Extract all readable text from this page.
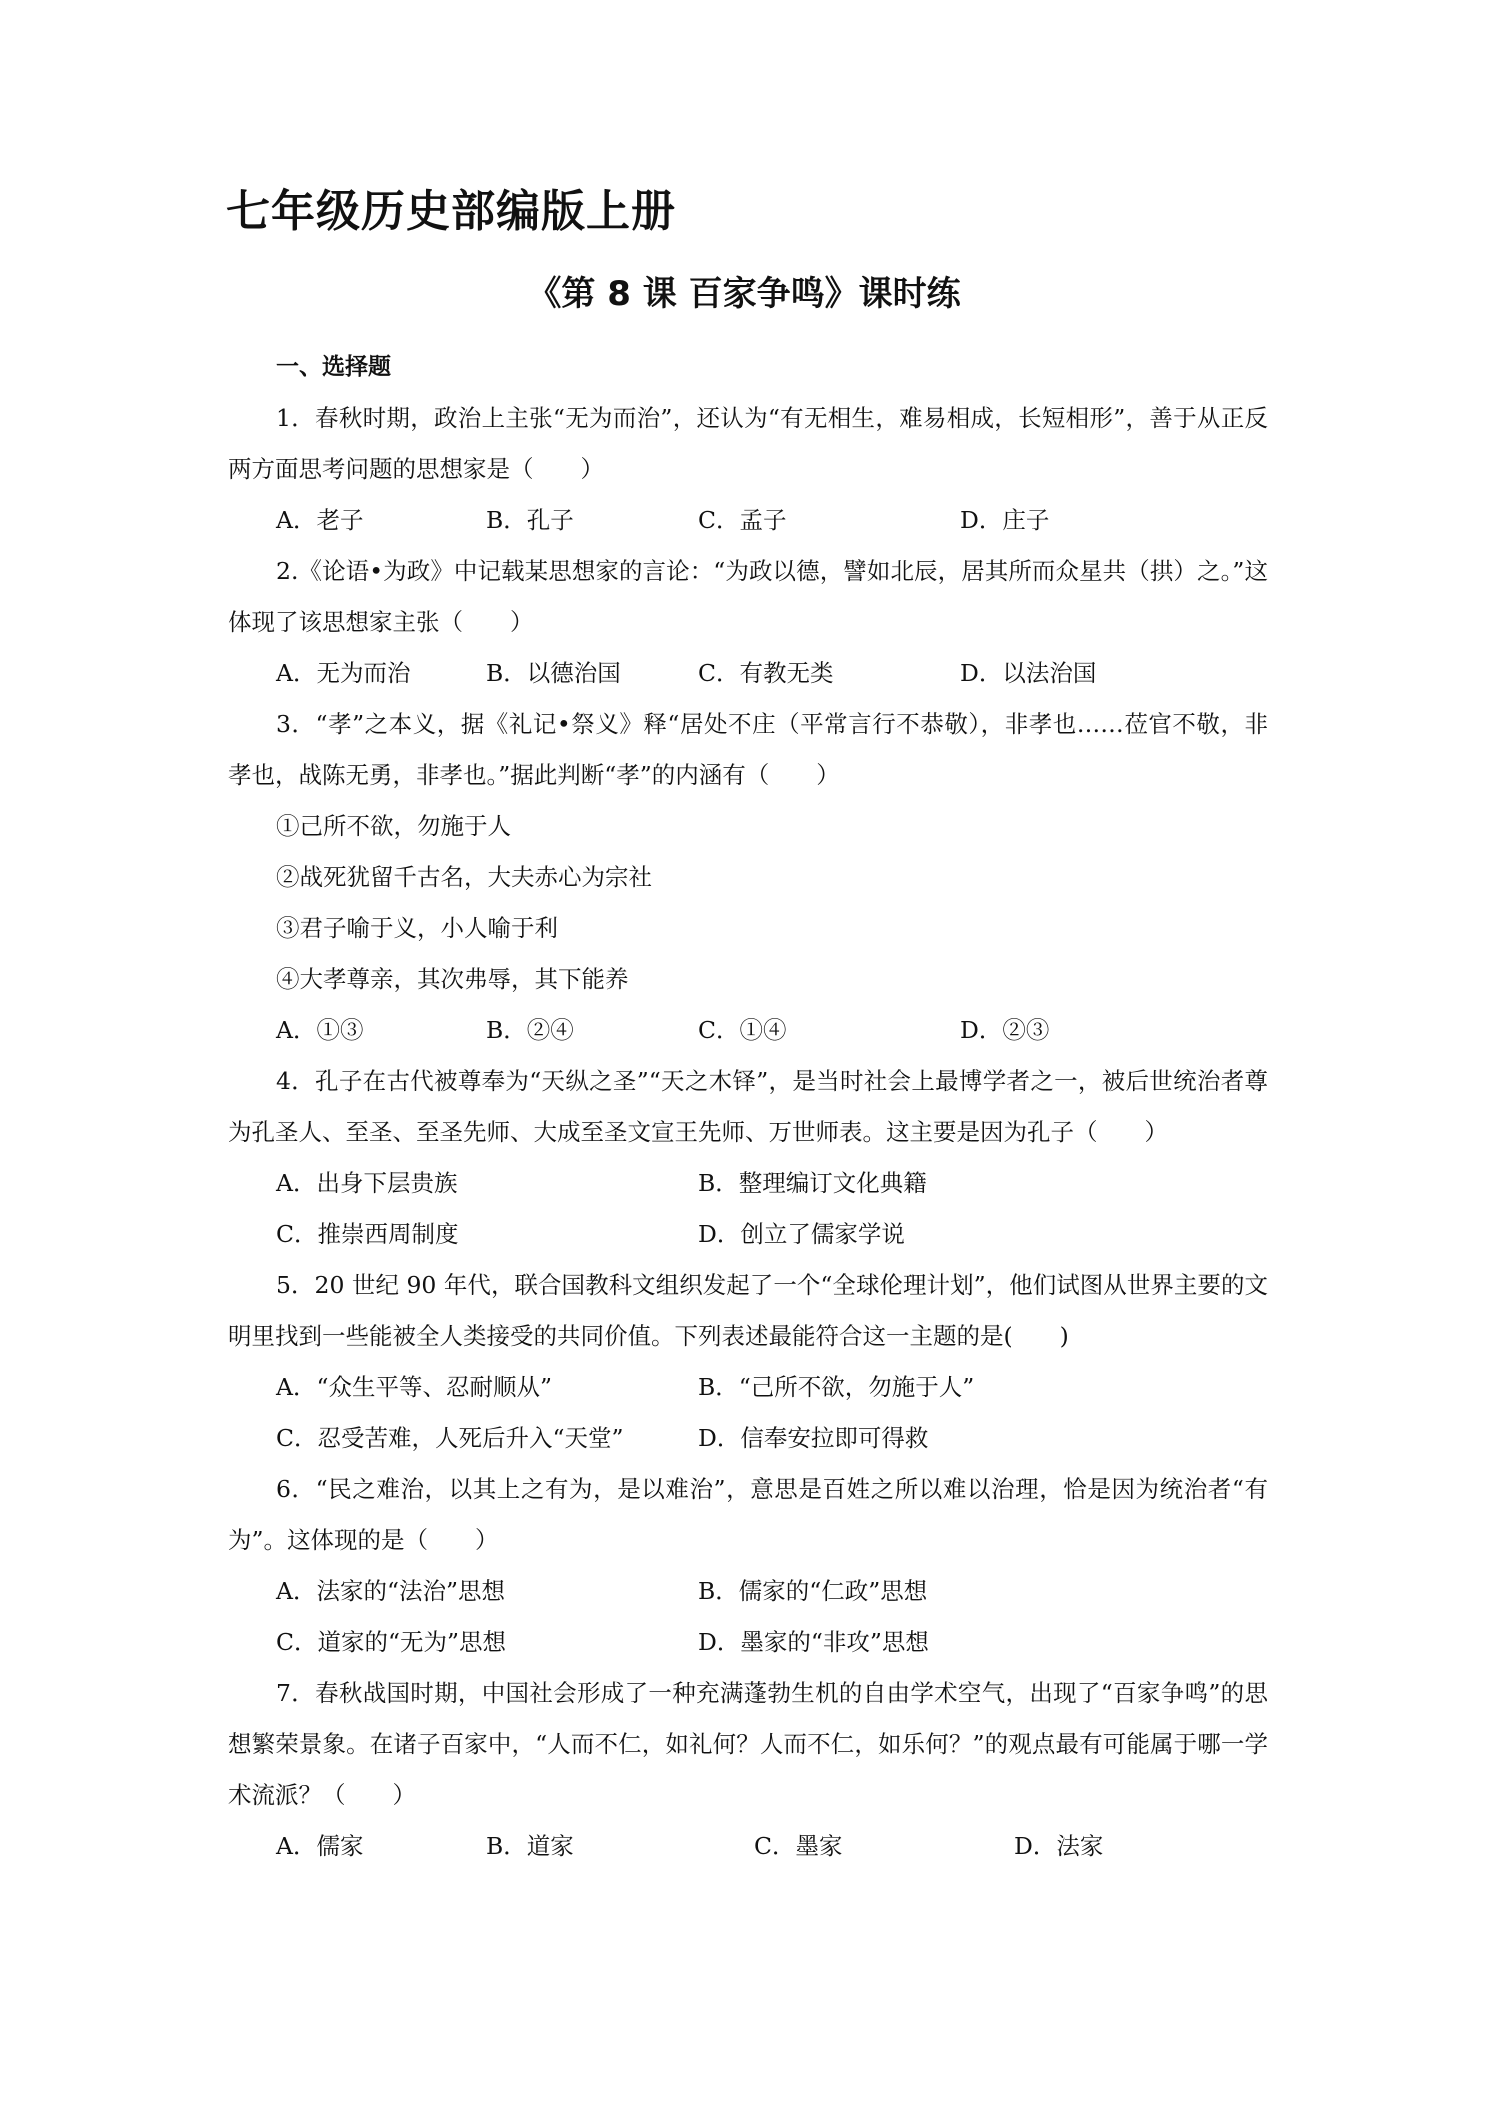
七年级历史部编版上册
《第 8 课 百家争鸣》课时练
一、选择题
1．春秋时期，政治上主张“无为而治”，还认为“有无相生，难易相成，长短相形”，善于从正反两方面思考问题的思想家是（　　）
A．老子	B．孔子	C．孟子	D．庄子
2.《论语•为政》中记载某思想家的言论：“为政以德，譬如北辰，居其所而众星共（拱）之。”这体现了该思想家主张（　　）
A．无为而治	B．以德治国	C．有教无类	D．以法治国
3．“孝”之本义，据《礼记•祭义》释“居处不庄（平常言行不恭敬），非孝也……莅官不敬，非孝也，战陈无勇，非孝也。”据此判断“孝”的内涵有（　　）
①己所不欲，勿施于人
②战死犹留千古名，大夫赤心为宗社
③君子喻于义，小人喻于利
④大孝尊亲，其次弗辱，其下能养
A．①③	B．②④	C．①④	D．②③
4．孔子在古代被尊奉为“天纵之圣”“天之木铎”，是当时社会上最博学者之一，被后世统治者尊为孔圣人、至圣、至圣先师、大成至圣文宣王先师、万世师表。这主要是因为孔子（　　）
A．出身下层贵族	B．整理编订文化典籍
C．推崇西周制度	D．创立了儒家学说
5．20 世纪 90 年代，联合国教科文组织发起了一个“全球伦理计划”，他们试图从世界主要的文明里找到一些能被全人类接受的共同价值。下列表述最能符合这一主题的是(　　)
A．“众生平等、忍耐顺从”	B．“己所不欲，勿施于人”
C．忍受苦难，人死后升入“天堂”	D．信奉安拉即可得救
6．“民之难治，以其上之有为，是以难治”，意思是百姓之所以难以治理，恰是因为统治者“有为”。这体现的是（　　）
A．法家的“法治”思想	B．儒家的“仁政”思想
C．道家的“无为”思想	D．墨家的“非攻”思想
7．春秋战国时期，中国社会形成了一种充满蓬勃生机的自由学术空气，出现了“百家争鸣”的思想繁荣景象。在诸子百家中，“人而不仁，如礼何？人而不仁，如乐何？”的观点最有可能属于哪一学术流派？（　　）
A．儒家	B．道家	C．墨家	D．法家
